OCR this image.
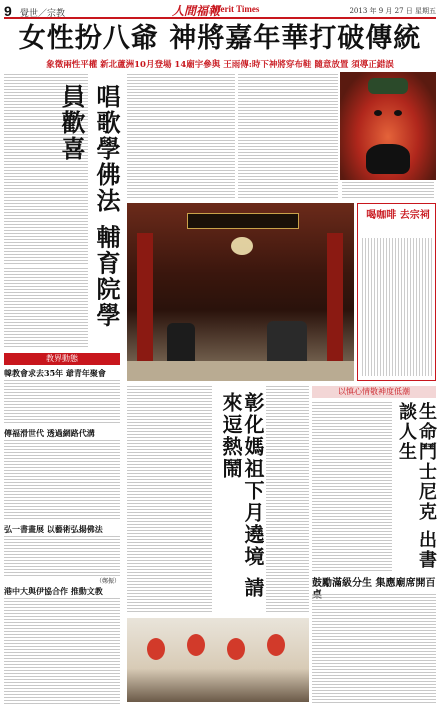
9 覺世／宗教	人間福報
Merit Times	2013 年 9 月 27 日 星期五
女性扮八爺 神將嘉年華打破傳統
象徵兩性平權 新北蘆洲10月登場 14廟宇參與 王雨傳:時下神將穿布鞋 隨意放置 須導正錯誤
唱歌學佛法 輔育院學員歡喜
喝咖啡 去宗祠
教界動態
韓教會求去35年 爺青年聚會
傳福滑世代 透過網路代溝
弘一書畫展 以藝術弘揚佛法
（鄭振）
港中大與伊協合作 推動文教	彰化媽祖下月遶境 請來逗熱鬧
以慎心情敬神度低潮
生命鬥士尼克 出書談人生
鼓勵滿級分生 集應廟席開百
